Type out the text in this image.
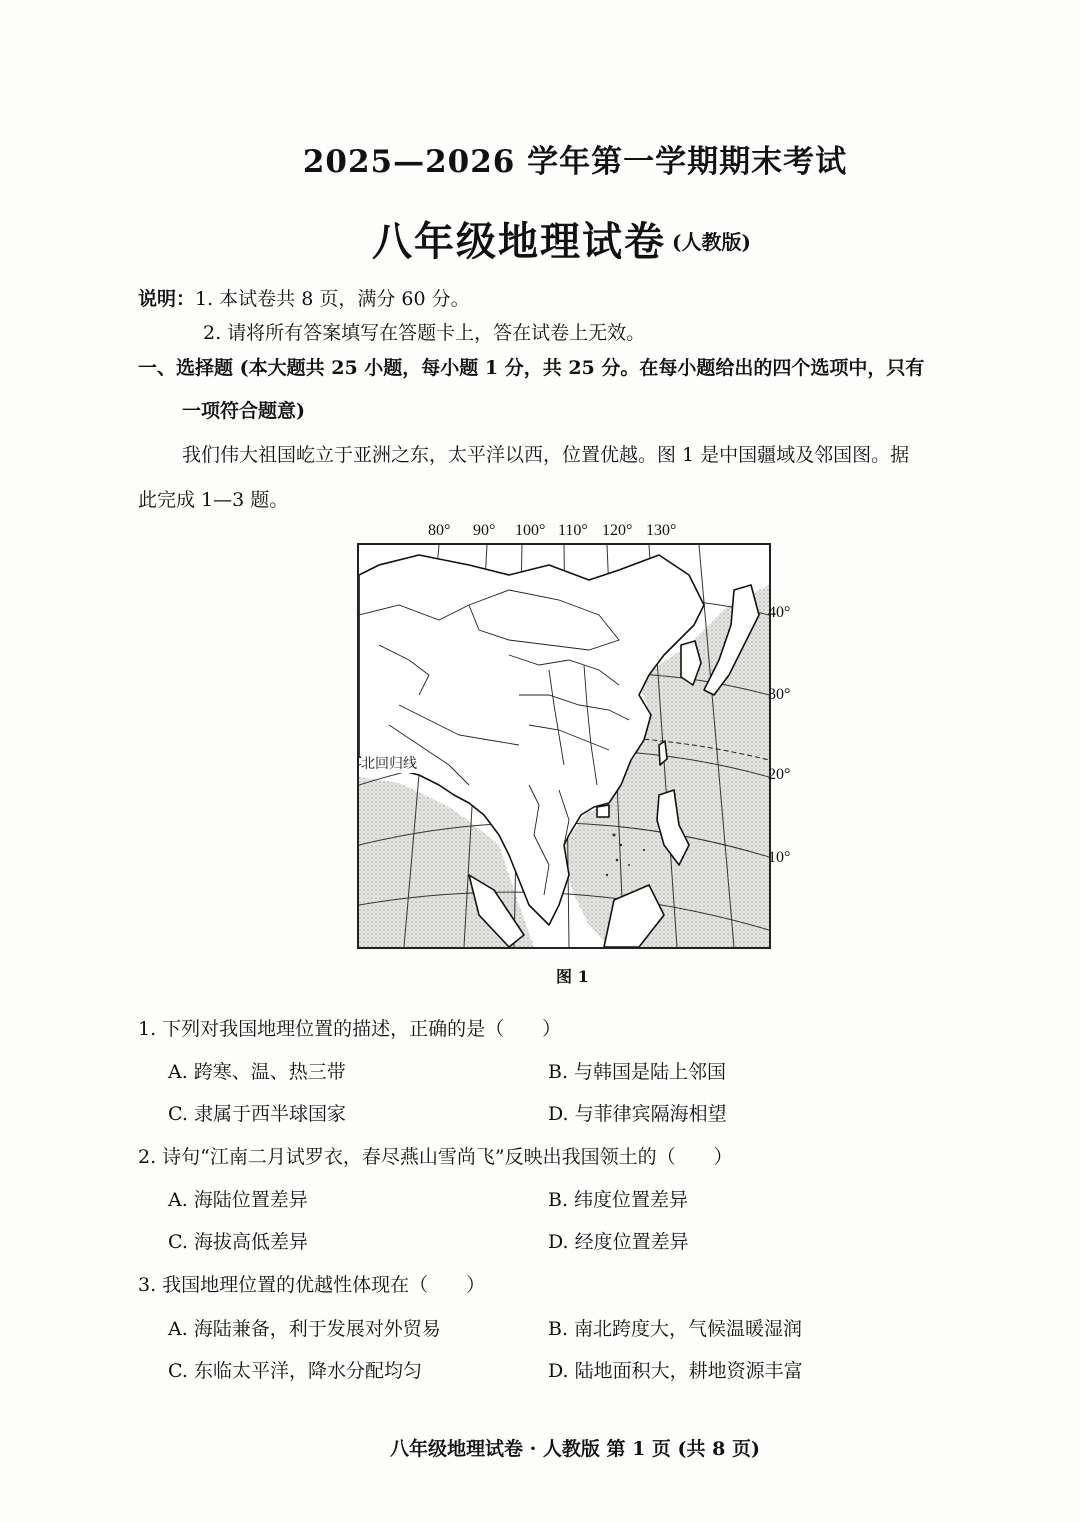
2025—2026 学年第一学期期末考试
八年级地理试卷 (人教版)
说明：1. 本试卷共 8 页，满分 60 分。
2. 请将所有答案填写在答题卡上，答在试卷上无效。
一、选择题 (本大题共 25 小题，每小题 1 分，共 25 分。在每小题给出的四个选项中，只有
一项符合题意)
我们伟大祖国屹立于亚洲之东，太平洋以西，位置优越。图 1 是中国疆域及邻国图。据
此完成 1—3 题。
80° 90° 100° 110° 120° 130°
北回归线
40°
30°
20°
10°
图 1
1. 下列对我国地理位置的描述，正确的是（　　）
A. 跨寒、温、热三带	B. 与韩国是陆上邻国
C. 隶属于西半球国家	D. 与菲律宾隔海相望
2. 诗句“江南二月试罗衣，春尽燕山雪尚飞”反映出我国领土的（　　）
A. 海陆位置差异	B. 纬度位置差异
C. 海拔高低差异	D. 经度位置差异
3. 我国地理位置的优越性体现在（　　）
A. 海陆兼备，利于发展对外贸易	B. 南北跨度大，气候温暖湿润
C. 东临太平洋，降水分配均匀	D. 陆地面积大，耕地资源丰富
八年级地理试卷 · 人教版 第 1 页 (共 8 页)
